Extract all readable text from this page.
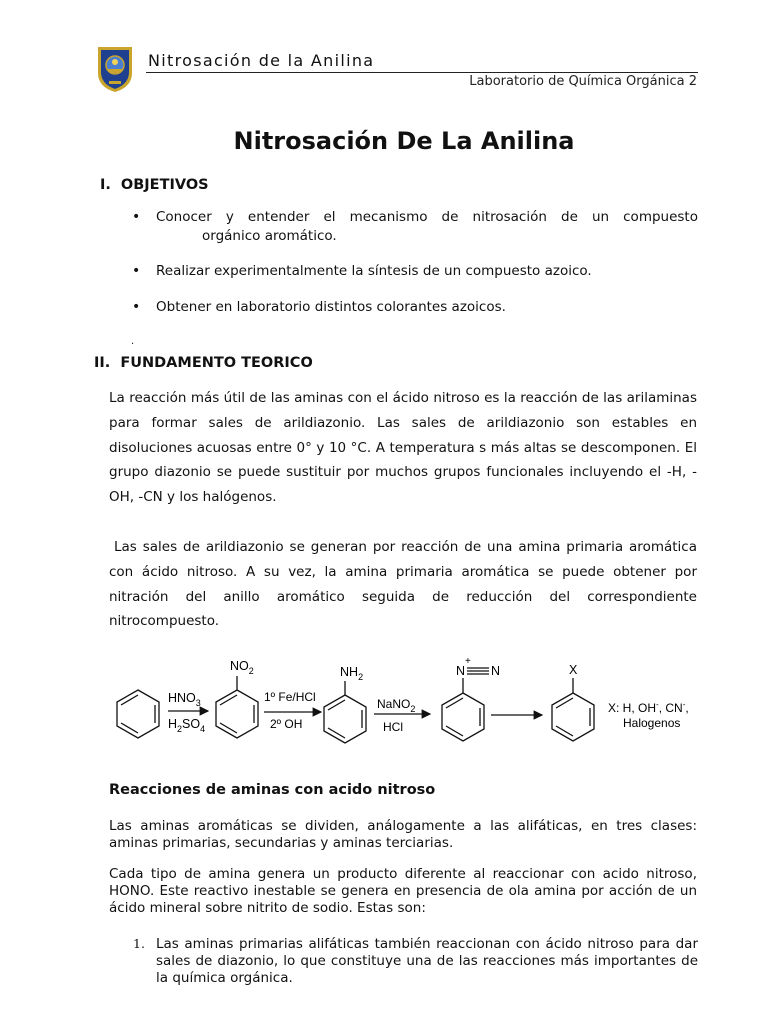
Nitrosación de la Anilina
Laboratorio de Química Orgánica 2
Nitrosación De La Anilina
I. OBJETIVOS
• Conocer y entender el mecanismo de nitrosación de un compuesto
orgánico aromático.
• Realizar experimentalmente la síntesis de un compuesto azoico.
• Obtener en laboratorio distintos colorantes azoicos.
.
II. FUNDAMENTO TEORICO
La reacción más útil de las aminas con el ácido nitroso es la reacción de las arilaminas para formar sales de arildiazonio. Las sales de arildiazonio son estables en disoluciones acuosas entre 0° y 10 °C. A temperatura s más altas se descomponen. El grupo diazonio se puede sustituir por muchos grupos funcionales incluyendo el -H, -OH, -CN y los halógenos.
Las sales de arildiazonio se generan por reacción de una amina primaria aromática con ácido nitroso. A su vez, la amina primaria aromática se puede obtener por nitración del anillo aromático seguida de reducción del correspondiente nitrocompuesto.
$HNO_3$
$H_2SO_4$
$NO_2$
1º Fe/HCl
2º OH
$NH_2$
NaNO$_2$
HCl
N
+
N	X
X: H, OH-, CN-,
Halogenos
Reacciones de aminas con acido nitroso
Las aminas aromáticas se dividen, análogamente a las alifáticas, en tres clases: aminas primarias, secundarias y aminas terciarias.
Cada tipo de amina genera un producto diferente al reaccionar con acido nitroso, HONO. Este reactivo inestable se genera en presencia de ola amina por acción de un ácido mineral sobre nitrito de sodio. Estas son:
1. Las aminas primarias alifáticas también reaccionan con ácido nitroso para dar sales de diazonio, lo que constituye una de las reacciones más importantes de la química orgánica.
